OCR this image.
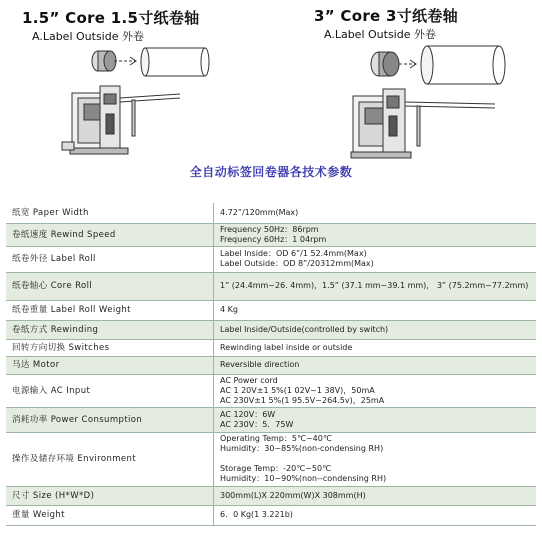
1.5” Core 1.5寸纸卷轴
A.Label Outside 外卷
3” Core 3寸纸卷轴
A.Label Outside 外卷
全自动标签回卷器各技术参数
纸宽 Paper Width	4.72”/120mm(Max)

卷纸速度 Rewind Speed	Frequency 50Hz：86rpm
Frequency 60Hz：1 04rpm

纸卷外径 Label Roll	Label Inside：OD 6”/1 52.4mm(Max)
Label Outside：OD 8”/20312mm(Max)

纸卷轴心 Core Roll	1” (24.4mm~26. 4mm)，1.5” (37.1 mm~39.1 mm)， 3” (75.2mm~77.2mm)

纸卷重量 Label Roll Weight	4 Kg

卷纸方式 Rewinding	Label Inside/Outside(controlled by switch)

回转方向切换 Switches	Rewinding label inside or outside

马达 Motor	Reversible direction

电源输入 AC Input	AC Power cord
AC 1 20V±1 5%(1 02V~1 38V)，50mA
AC 230V±1 5%(1 95.5V~264.5v)，25mA

消耗功率 Power Consumption	AC 120V：6W
AC 230V：5．75W

操作及储存环境 Environment	Operating Temp：5℃~40℃
Humidity：30~85%(non-condensing RH)

Storage Temp：-20℃~50℃
Humidity：10~90%(non--condensing RH)

尺寸 Size (H*W*D)	300mm(L)X 220mm(W)X 308mm(H)

重量 Weight	6．0 Kg(1 3.221b)
